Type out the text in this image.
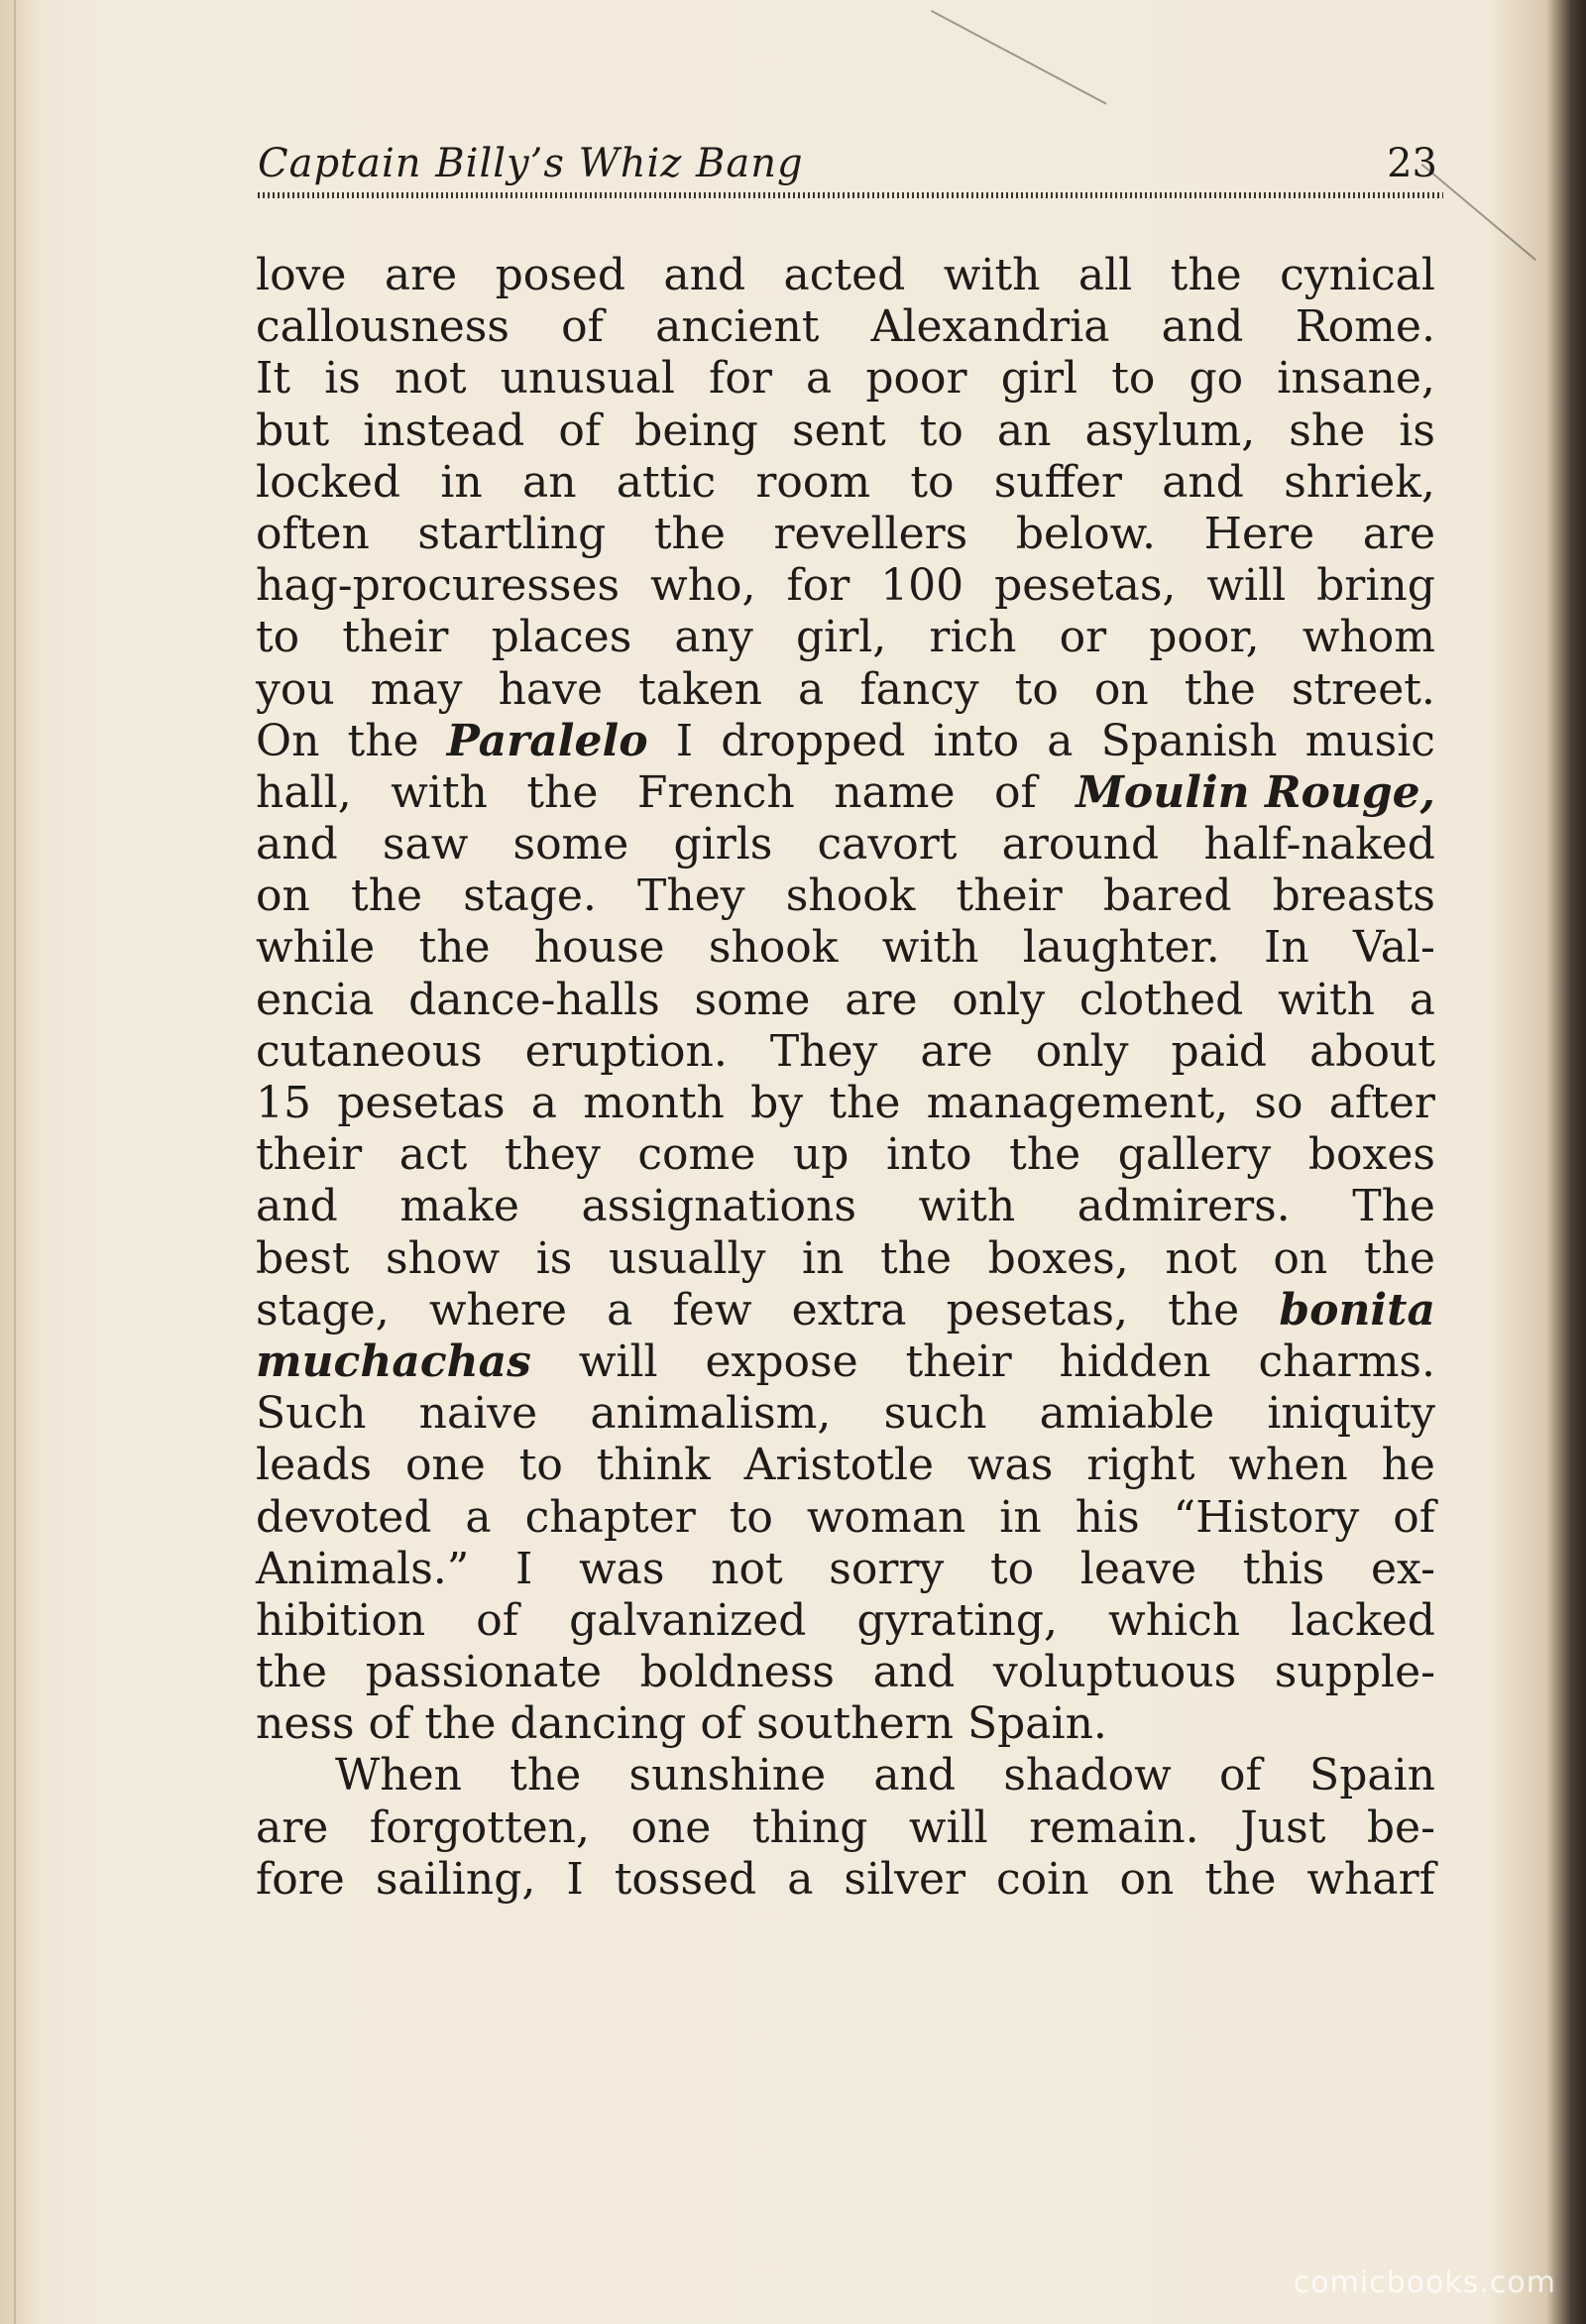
Captain Billy’s Whiz Bang	23
love are posed and acted with all the cynical
callousness of ancient Alexandria and Rome.
It is not unusual for a poor girl to go insane,
but instead of being sent to an asylum, she is
locked in an attic room to suffer and shriek,
often startling the revellers below. Here are
hag-procuresses who, for 100 pesetas, will bring
to their places any girl, rich or poor, whom
you may have taken a fancy to on the street.
On the Paralelo I dropped into a Spanish music
hall, with the French name of Moulin Rouge,
and saw some girls cavort around half-naked
on the stage. They shook their bared breasts
while the house shook with laughter. In Val-
encia dance-halls some are only clothed with a
cutaneous eruption. They are only paid about
15 pesetas a month by the management, so after
their act they come up into the gallery boxes
and make assignations with admirers. The
best show is usually in the boxes, not on the
stage, where a few extra pesetas, the bonita
muchachas will expose their hidden charms.
Such naive animalism, such amiable iniquity
leads one to think Aristotle was right when he
devoted a chapter to woman in his “History of
Animals.” I was not sorry to leave this ex-
hibition of galvanized gyrating, which lacked
the passionate boldness and voluptuous supple-
ness of the dancing of southern Spain.
When the sunshine and shadow of Spain
are forgotten, one thing will remain. Just be-
fore sailing, I tossed a silver coin on the wharf
comicbooks.com
